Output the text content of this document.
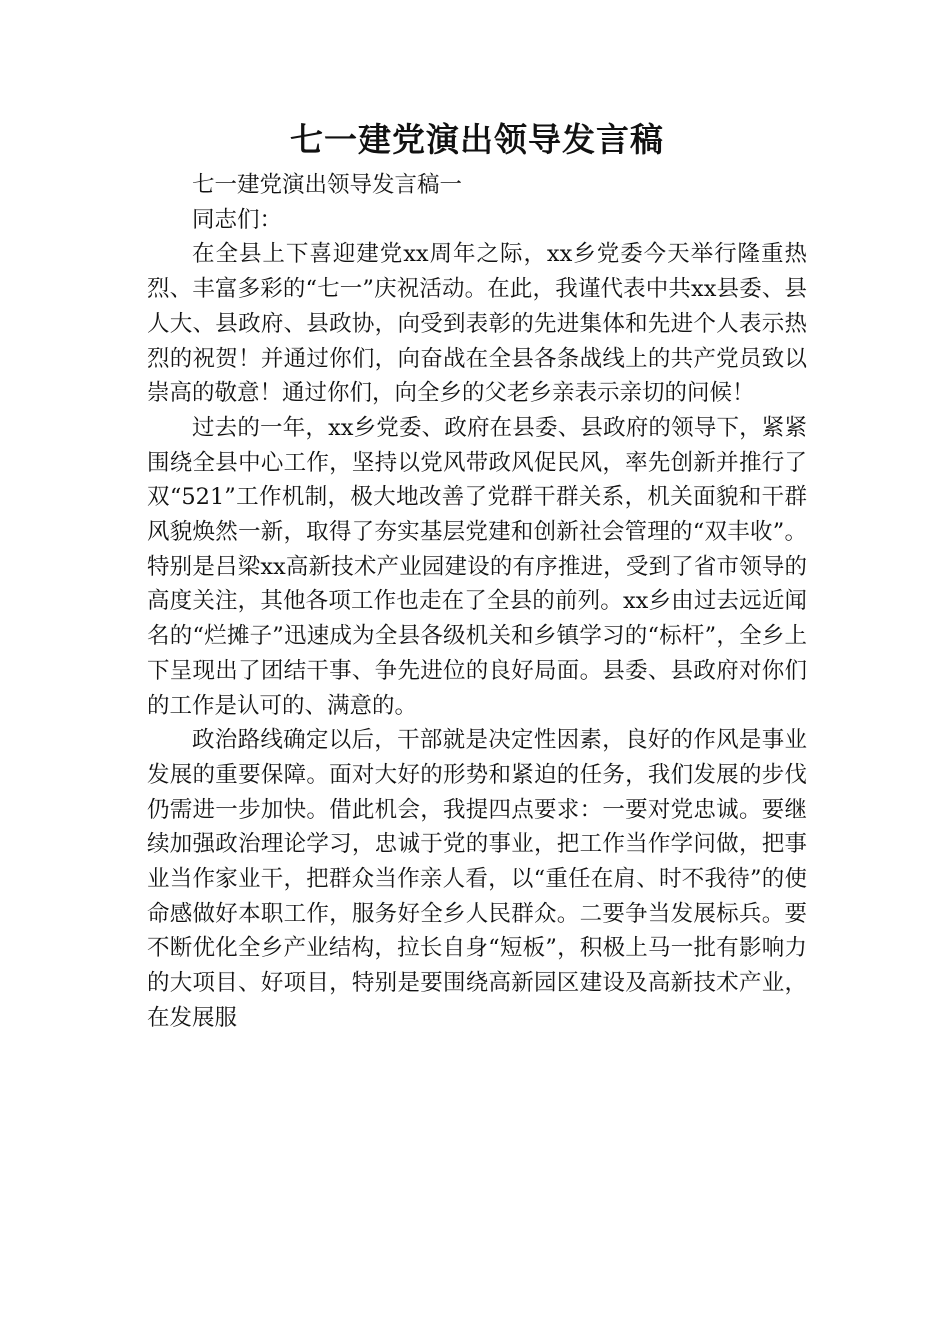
七一建党演出领导发言稿

七一建党演出领导发言稿一

同志们：

在全县上下喜迎建党xx周年之际，xx乡党委今天举行隆重热烈、丰富多彩的“七一”庆祝活动。在此，我谨代表中共xx县委、县人大、县政府、县政协，向受到表彰的先进集体和先进个人表示热烈的祝贺！并通过你们，向奋战在全县各条战线上的共产党员致以崇高的敬意！通过你们，向全乡的父老乡亲表示亲切的问候！

过去的一年，xx乡党委、政府在县委、县政府的领导下，紧紧围绕全县中心工作，坚持以党风带政风促民风，率先创新并推行了双“521”工作机制，极大地改善了党群干群关系，机关面貌和干群风貌焕然一新，取得了夯实基层党建和创新社会管理的“双丰收”。特别是吕梁xx高新技术产业园建设的有序推进，受到了省市领导的高度关注，其他各项工作也走在了全县的前列。xx乡由过去远近闻名的“烂摊子”迅速成为全县各级机关和乡镇学习的“标杆”，全乡上下呈现出了团结干事、争先进位的良好局面。县委、县政府对你们的工作是认可的、满意的。

政治路线确定以后，干部就是决定性因素，良好的作风是事业发展的重要保障。面对大好的形势和紧迫的任务，我们发展的步伐仍需进一步加快。借此机会，我提四点要求：一要对党忠诚。要继续加强政治理论学习，忠诚于党的事业，把工作当作学问做，把事业当作家业干，把群众当作亲人看，以“重任在肩、时不我待”的使命感做好本职工作，服务好全乡人民群众。二要争当发展标兵。要不断优化全乡产业结构，拉长自身“短板”，积极上马一批有影响力的大项目、好项目，特别是要围绕高新园区建设及高新技术产业，在发展服
